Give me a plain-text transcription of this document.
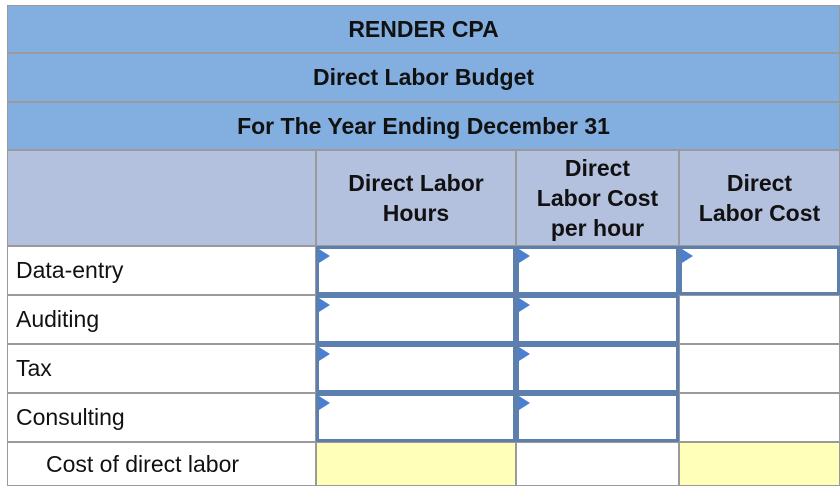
RENDER CPA
Direct Labor Budget
For The Year Ending December 31
Direct Labor
Hours
Direct
Labor Cost
per hour
Direct
Labor Cost
Data-entry
Auditing
Tax
Consulting
Cost of direct labor
